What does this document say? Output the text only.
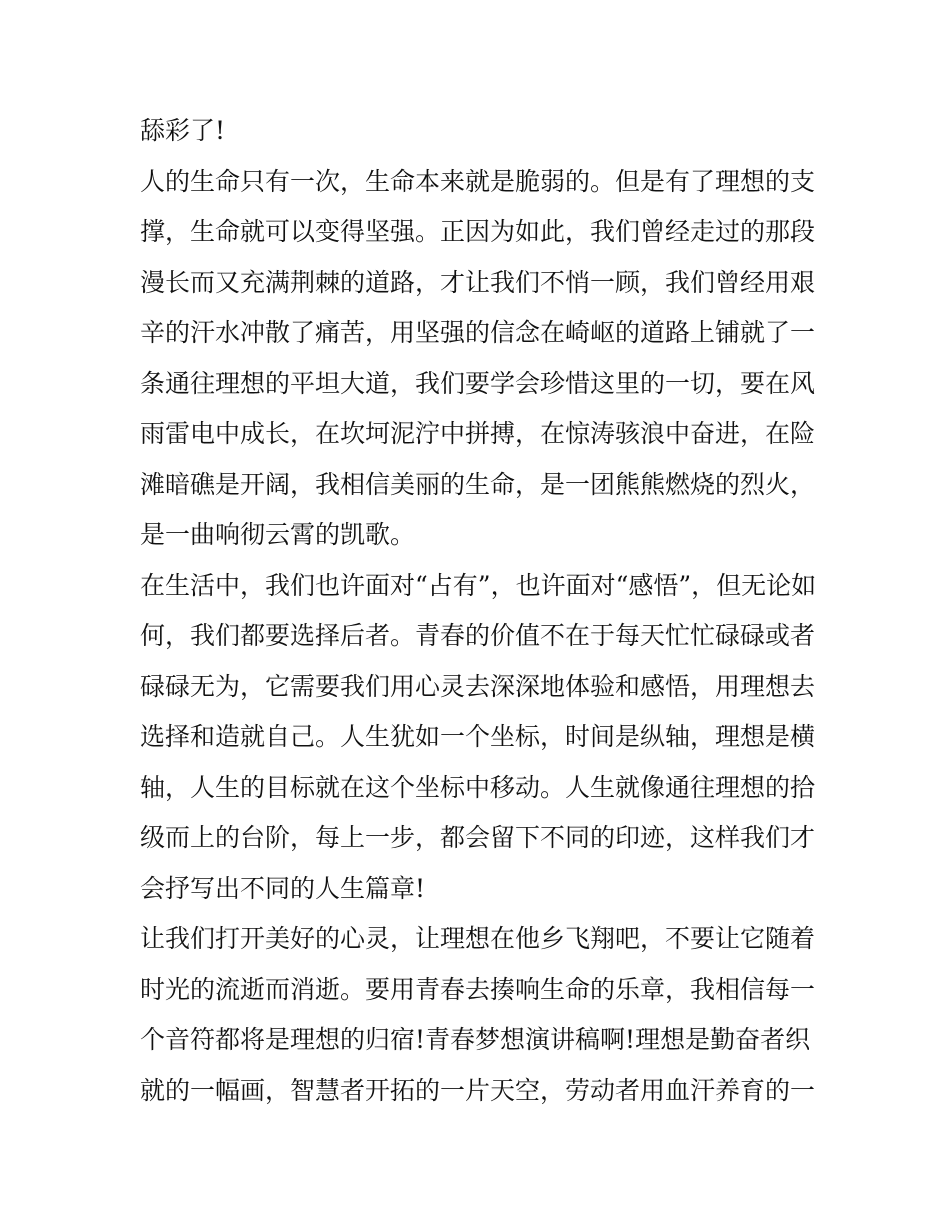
舔彩了!
人的生命只有一次，生命本来就是脆弱的。但是有了理想的支
撑，生命就可以变得坚强。正因为如此，我们曾经走过的那段
漫长而又充满荆棘的道路，才让我们不悄一顾，我们曾经用艰
辛的汗水冲散了痛苦，用坚强的信念在崎岖的道路上铺就了一
条通往理想的平坦大道，我们要学会珍惜这里的一切，要在风
雨雷电中成长，在坎坷泥泞中拼搏，在惊涛骇浪中奋进，在险
滩暗礁是开阔，我相信美丽的生命，是一团熊熊燃烧的烈火，
是一曲响彻云霄的凯歌。
在生活中，我们也许面对“占有”，也许面对“感悟”，但无论如
何，我们都要选择后者。青春的价值不在于每天忙忙碌碌或者
碌碌无为，它需要我们用心灵去深深地体验和感悟，用理想去
选择和造就自己。人生犹如一个坐标，时间是纵轴，理想是横
轴，人生的目标就在这个坐标中移动。人生就像通往理想的拾
级而上的台阶，每上一步，都会留下不同的印迹，这样我们才
会抒写出不同的人生篇章!
让我们打开美好的心灵，让理想在他乡飞翔吧，不要让它随着
时光的流逝而消逝。要用青春去揍响生命的乐章，我相信每一
个音符都将是理想的归宿!青春梦想演讲稿啊!理想是勤奋者织
就的一幅画，智慧者开拓的一片天空，劳动者用血汗养育的一
